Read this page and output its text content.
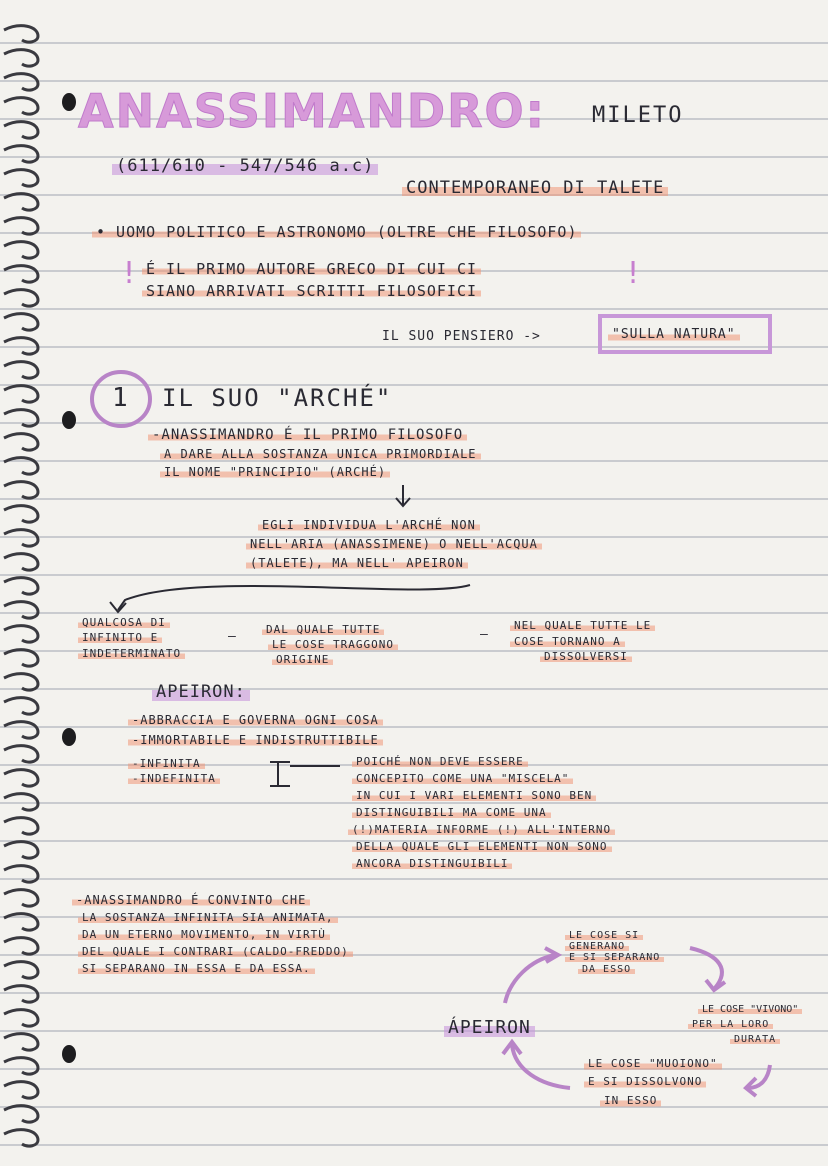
ANASSIMANDRO: MILETO
(611/610 - 547/546 a.c)
CONTEMPORANEO DI TALETE
• UOMO POLITICO E ASTRONOMO (OLTRE CHE FILOSOFO)
! É IL PRIMO AUTORE GRECO DI CUI CI
SIANO ARRIVATI SCRITTI FILOSOFICI	!
IL SUO PENSIERO ->	"SULLA NATURA"
1 IL SUO "ARCHÉ"
-ANASSIMANDRO É IL PRIMO FILOSOFO
A DARE ALLA SOSTANZA UNICA PRIMORDIALE
IL NOME "PRINCIPIO" (ARCHÉ)
EGLI INDIVIDUA L'ARCHÉ NON
NELL'ARIA (ANASSIMENE) O NELL'ACQUA
(TALETE), MA NELL' APEIRON
QUALCOSA DI
INFINITO E
INDETERMINATO
—	DAL QUALE TUTTE
LE COSE TRAGGONO
ORIGINE
—
NEL QUALE TUTTE LE
COSE TORNANO A
DISSOLVERSI
APEIRON:
-ABBRACCIA E GOVERNA OGNI COSA
-IMMORTABILE E INDISTRUTTIBILE
-INFINITA
-INDEFINITA
POICHÉ NON DEVE ESSERE
CONCEPITO COME UNA "MISCELA"
IN CUI I VARI ELEMENTI SONO BEN
DISTINGUIBILI MA COME UNA
(!)MATERIA INFORME (!) ALL'INTERNO
DELLA QUALE GLI ELEMENTI NON SONO
ANCORA DISTINGUIBILI
-ANASSIMANDRO É CONVINTO CHE
LA SOSTANZA INFINITA SIA ANIMATA,
DA UN ETERNO MOVIMENTO, IN VIRTÙ
DEL QUALE I CONTRARI (CALDO-FREDDO)
SI SEPARANO IN ESSA E DA ESSA.
ÁPEIRON
LE COSE SI
GENERANO
E SI SEPARANO
DA ESSO
LE COSE "VIVONO"
PER LA LORO
DURATA
LE COSE "MUOIONO"
E SI DISSOLVONO
IN ESSO
